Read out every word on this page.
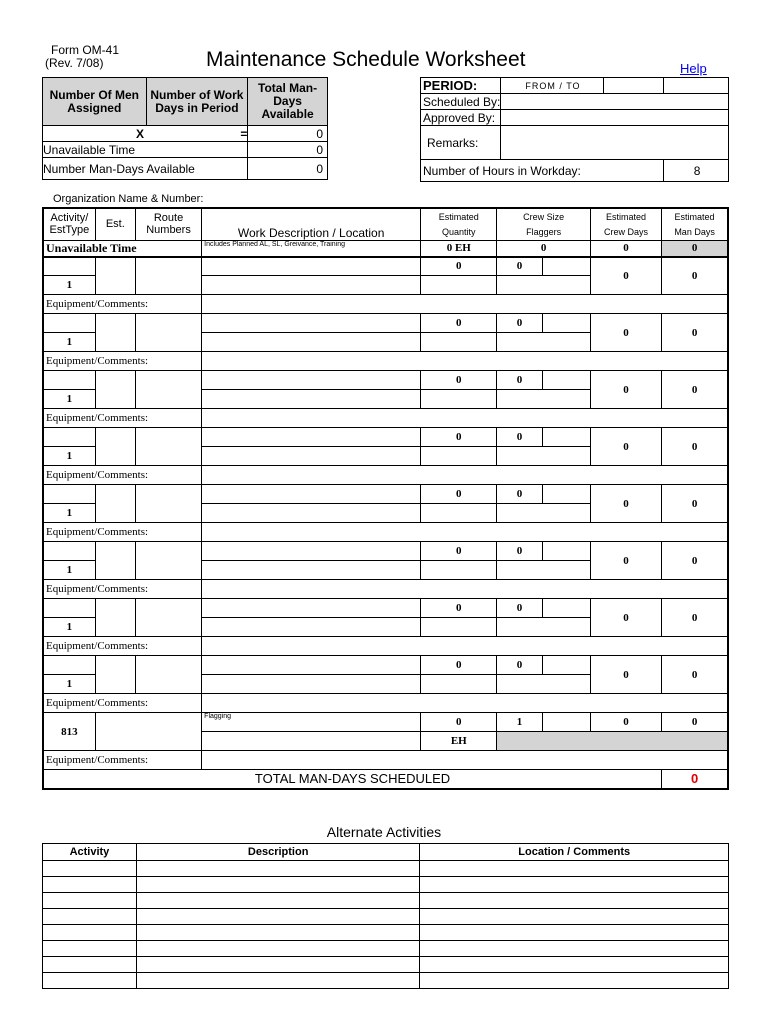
Form OM-41
(Rev. 7/08)	Maintenance Schedule Worksheet	Help
Number Of Men Assigned	Number of Work Days in Period	Total Man-Days Available
X =		0
Unavailable Time		0
Number Man-Days Available		0
PERIOD:	FROM / TO		
Scheduled By:			
Approved By:			
Remarks:			
Number of Hours in Workday:			8
Organization Name & Number:
Activity/ EstType	Est.	Route Numbers	Work Description / Location	Estimated	Crew Size		Estimated	Estimated
				Quantity	Flaggers		Crew Days	Man Days
Unavailable Time			Includes Planned AL, SL, Greivance, Training	0 EH	0		0	0
				0	0		0	0
1								
Equipment/Comments:								
				0	0		0	0
1								
Equipment/Comments:								
				0	0		0	0
1								
Equipment/Comments:								
				0	0		0	0
1								
Equipment/Comments:								
				0	0		0	0
1								
Equipment/Comments:								
				0	0		0	0
1								
Equipment/Comments:								
				0	0		0	0
1								
Equipment/Comments:								
				0	0		0	0
1								
Equipment/Comments:								
813			Flagging	0	1		0	0
				EH				
Equipment/Comments:								
TOTAL MAN-DAYS SCHEDULED								0
Alternate Activities
Activity	Description	Location / Comments
